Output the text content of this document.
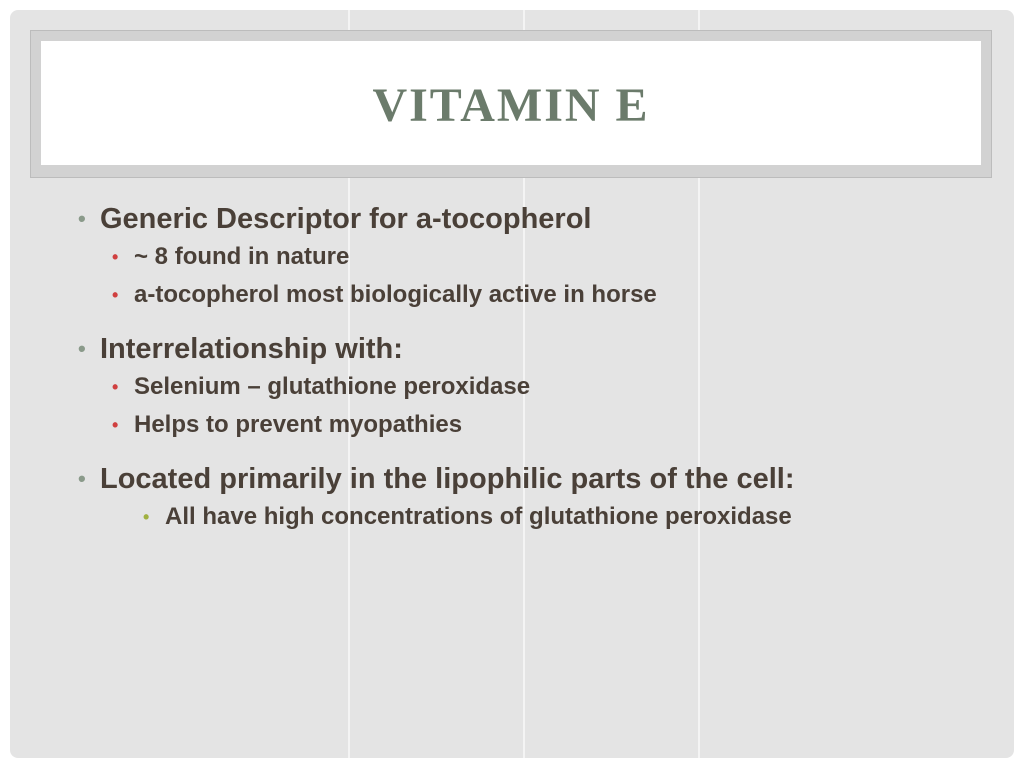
VITAMIN E
• Generic Descriptor for a-tocopherol
• ~ 8 found in nature
• a-tocopherol most biologically active in horse
• Interrelationship with:
• Selenium – glutathione peroxidase
• Helps to prevent myopathies
• Located primarily in the lipophilic parts of the cell:
• All have high concentrations of glutathione peroxidase
